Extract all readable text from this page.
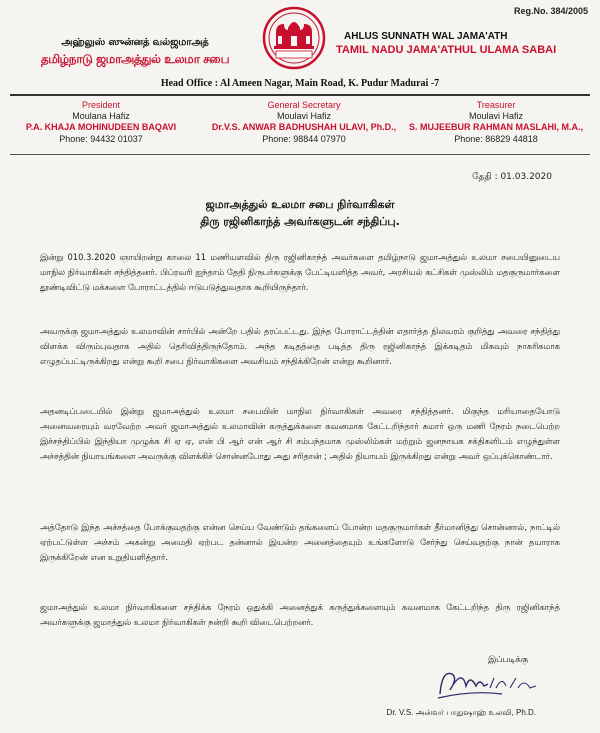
Reg.No. 384/2005
அஹ்லுஸ் ஸுன்னத் வல்ஜமாஅத்
தமிழ்நாடு ஜமாஅத்துல் உலமா சபை
AHLUS SUNNATH WAL JAMA'ATH
TAMIL NADU JAMA'ATHUL ULAMA SABAI
Head Office : Al Ameen Nagar, Main Road, K. Pudur Madurai -7
President
Moulana Hafiz
P.A. KHAJA MOHINUDEEN BAQAVI
Phone: 94432 01037
General Secretary
Moulavi Hafiz
Dr.V.S. ANWAR BADHUSHAH ULAVI, Ph.D.,
Phone: 98844 07970
Treasurer
Moulavi Hafiz
S. MUJEEBUR RAHMAN MASLAHI, M.A.,
Phone: 86829 44818
தேதி : 01.03.2020
ஜமாஅத்துல் உலமா சபை நிர்வாகிகள்
திரு ரஜினிகாந்த் அவர்களுடன் சந்திப்பு.

இன்று 010.3.2020 ஞாயிறன்று காலை 11 மணியளவில் திரு ரஜினிகாந்த் அவர்களை தமிழ்நாடு ஜமாஅத்துல் உலமா சபையினுடைய மாநில நிர்வாகிகள் சந்தித்தனர். பிப்ரவரி ஐந்தாம் தேதி நிருபர்களுக்கு பேட்டியளித்த அவர், அரசியல் கட்சிகள் முஸ்லிம் மதகுருமார்களை தூண்டிவிட்டு மக்களை போராட்டத்தில் ஈடுபடுத்துவதாக கூறியிருந்தார்.

அவருக்கு ஜமாஅத்துல் உலமாவின் சார்பில் அன்றே பதில் தரப்பட்டது. இந்த போராட்டத்தின் எதார்த்த நிலவரம் குறித்து அவரை சந்தித்து விளக்க விரும்புவதாக அதில் தெரிவித்திருந்தோம். அந்த கடிதத்தை படித்த திரு ரஜினிகாந்த் இக்கடிதம் மிகவும் நாகரிகமாக எழுதப்பட்டிருக்கிறது என்று கூறி சபை நிர்வாகிகளை அவசியம் சந்திக்கிறேன் என்று கூறினார்.

அதனடிப்படையில் இன்று ஜமாஅத்துல் உலமா சபையின் மாநில நிர்வாகிகள் அவரை சந்தித்தனர். மிகுந்த மரியாதையோடு அனைவரையும் வரவேற்ற அவர் ஜமாஅத்துல் உலமாவின் கருத்துக்களை கவனமாக கேட்டறிந்தார் சுமார் ஒரு மணி நேரம் நடைபெற்ற இச்சந்திப்பில் இந்தியா முழுக்க சி ஏ ஏ, என் பி ஆர் என் ஆர் சி சம்பந்தமாக முஸ்லிம்கள் மற்றும் ஜனநாயக சக்திகளிடம் எழுந்துள்ள அச்சத்தின் நியாயங்களை அவருக்கு விளக்கிச் சொன்னபோது அது சரிதான் ; அதில் நியாயம் இருக்கிறது என்று அவர் ஒப்புக்கொண்டார்.

அத்தோடு இந்த அச்சத்தை போக்குவதற்கு என்ன செய்ய வேண்டும் தங்களைப் போன்ற மதகுருமார்கள் தீர்மானித்து சொன்னால், நாட்டில் ஏற்பட்டுள்ள அச்சம் அகன்று அமைதி ஏற்பட தன்னால் இயன்ற அனைத்தையும் உங்களோடு சேர்ந்து செய்வதற்கு நான் தயாராக இருக்கிறேன் என உறுதியளித்தார்.

ஜமாஅத்துல் உலமா நிர்வாகிகளை சந்திக்க நேரம் ஒதுக்கி அனைத்துக் கருத்துக்களையும் கவனமாக கேட்டறிந்த திரு ரஜினிகாந்த் அவர்களுக்கு ஜமாத்துல் உலமா நிர்வாகிகள் நன்றி கூறி விடைபெற்றனர்.

இப்படிக்கு
Dr. V.S. அன்வர் பாதுஷாஹ் உலவி, Ph.D.
